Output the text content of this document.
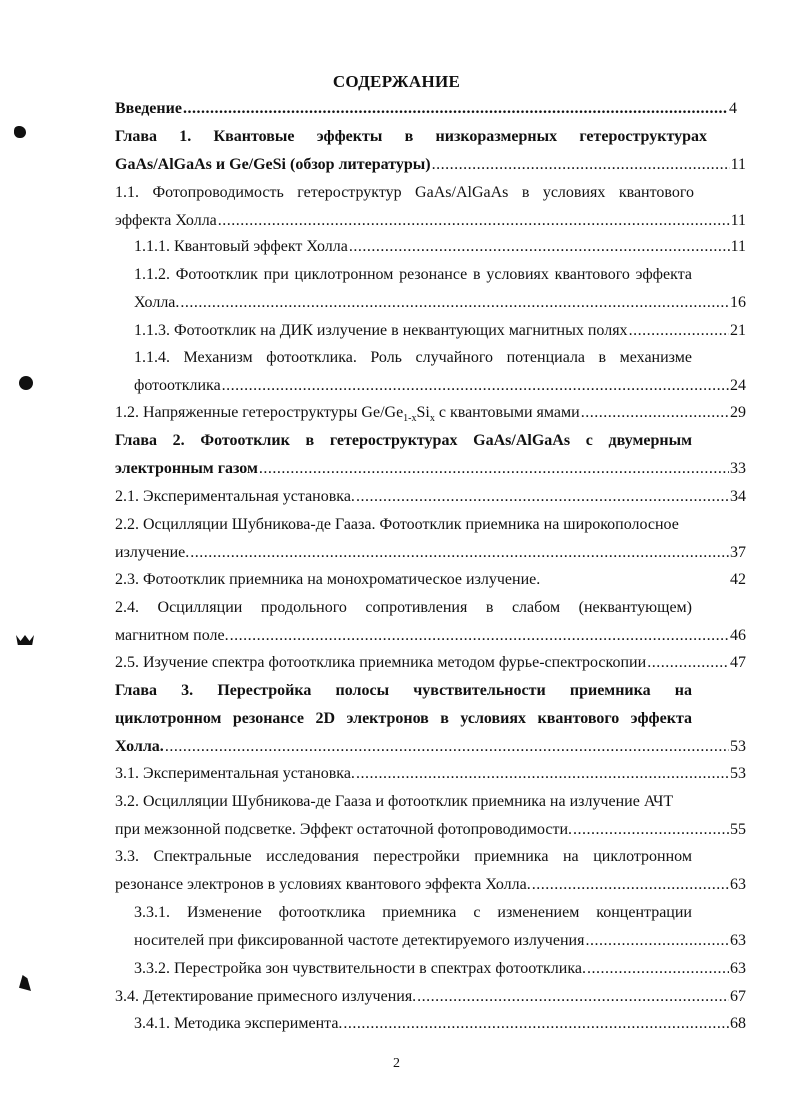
СОДЕРЖАНИЕ
Введение .....	4
Глава 1. Квантовые эффекты в низкоразмерных гетероструктурах
GaAs/AlGaAs и Ge/GeSi (обзор литературы) .....	11
1.1. Фотопроводимость гетероструктур GaAs/AlGaAs в условиях квантового
эффекта Холла .....	11
1.1.1. Квантовый эффект Холла .....	11
1.1.2. Фотоотклик при циклотронном резонансе в условиях квантового эффекта
Холла. .....	16
1.1.3. Фотоотклик на ДИК излучение в неквантующих магнитных полях .....	21
1.1.4. Механизм фотоотклика. Роль случайного потенциала в механизме
фотоотклика .....	24
1.2. Напряженные гетероструктуры $Ge/Ge_{1-x}Si_x$ с квантовыми ямами .....	29
Глава 2. Фотоотклик в гетероструктурах GaAs/AlGaAs с двумерным
электронным газом .....	33
2.1. Экспериментальная установка. .....	34
2.2. Осцилляции Шубникова-де Гааза. Фотоотклик приемника на широкополосное
излучение. .....	37
2.3. Фотоотклик приемника на монохроматическое излучение.	42
2.4. Осцилляции продольного сопротивления в слабом (неквантующем)
магнитном поле. .....	46
2.5. Изучение спектра фотоотклика приемника методом фурье-спектроскопии .....	47
Глава 3. Перестройка полосы чувствительности приемника на
циклотронном резонансе 2D электронов в условиях квантового эффекта
Холла. .....	53
3.1. Экспериментальная установка. .....	53
3.2. Осцилляции Шубникова-де Гааза и фотоотклик приемника на излучение АЧТ
при межзонной подсветке. Эффект остаточной фотопроводимости. .....	55
3.3. Спектральные исследования перестройки приемника на циклотронном
резонансе электронов в условиях квантового эффекта Холла. .....	63
3.3.1. Изменение фотоотклика приемника с изменением концентрации
носителей при фиксированной частоте детектируемого излучения .....	63
3.3.2. Перестройка зон чувствительности в спектрах фотоотклика. .....	63
3.4. Детектирование примесного излучения. .....	67
3.4.1. Методика эксперимента. .....	68
2
